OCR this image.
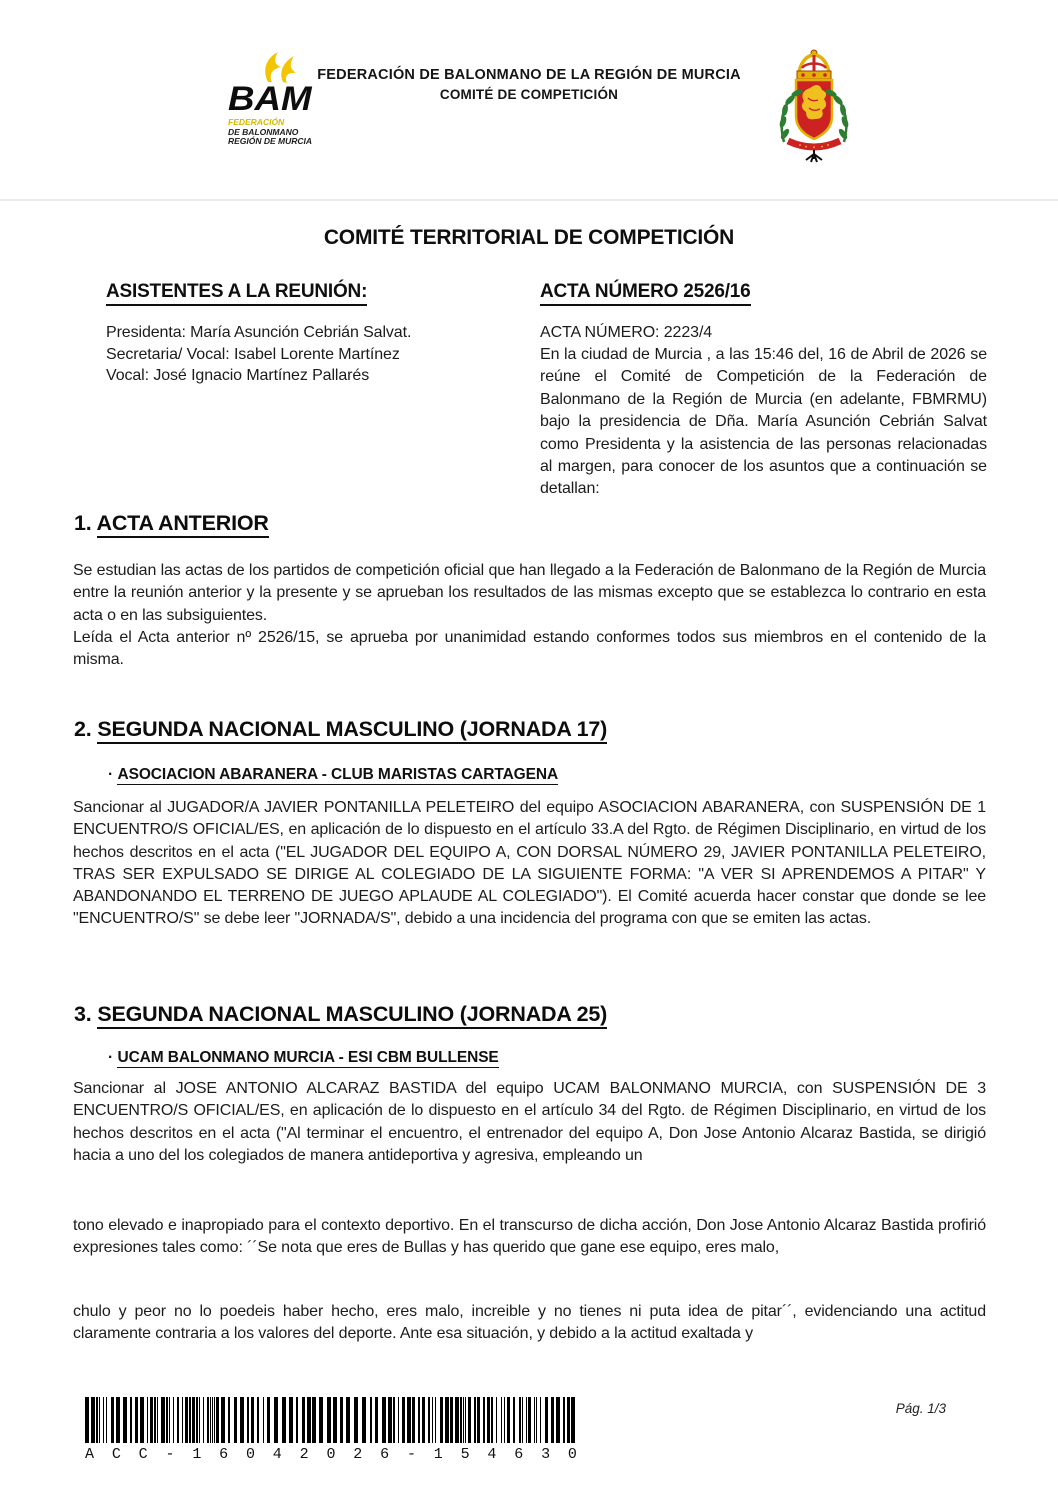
BAM
FEDERACIÓN
DE BALONMANO
REGIÓN DE MURCIA
FEDERACIÓN DE BALONMANO DE LA REGIÓN DE MURCIA
COMITÉ DE COMPETICIÓN
COMITÉ TERRITORIAL DE COMPETICIÓN
ASISTENTES A LA REUNIÓN:
Presidenta: María Asunción Cebrián Salvat.
Secretaria/ Vocal: Isabel Lorente Martínez
Vocal: José Ignacio Martínez Pallarés
ACTA NÚMERO 2526/16
ACTA NÚMERO: 2223/4
En la ciudad de Murcia , a las 15:46 del, 16 de Abril de 2026 se reúne el Comité de Competición de la Federación de Balonmano de la Región de Murcia (en adelante, FBMRMU) bajo la presidencia de Dña. María Asunción Cebrián Salvat como Presidenta y la asistencia de las personas relacionadas al margen, para conocer de los asuntos que a continuación se detallan:
1. ACTA ANTERIOR
Se estudian las actas de los partidos de competición oficial que han llegado a la Federación de Balonmano de la Región de Murcia entre la reunión anterior y la presente y se aprueban los resultados de las mismas excepto que se establezca lo contrario en esta acta o en las subsiguientes.
Leída el Acta anterior nº 2526/15, se aprueba por unanimidad estando conformes todos sus miembros en el contenido de la misma.
2. SEGUNDA NACIONAL MASCULINO (JORNADA 17)
· ASOCIACION ABARANERA - CLUB MARISTAS CARTAGENA
Sancionar al JUGADOR/A JAVIER PONTANILLA PELETEIRO del equipo ASOCIACION ABARANERA, con SUSPENSIÓN DE 1 ENCUENTRO/S OFICIAL/ES, en aplicación de lo dispuesto en el artículo 33.A del Rgto. de Régimen Disciplinario, en virtud de los hechos descritos en el acta ("EL JUGADOR DEL EQUIPO A, CON DORSAL NÚMERO 29, JAVIER PONTANILLA PELETEIRO, TRAS SER EXPULSADO SE DIRIGE AL COLEGIADO DE LA SIGUIENTE FORMA: "A VER SI APRENDEMOS A PITAR" Y ABANDONANDO EL TERRENO DE JUEGO APLAUDE AL COLEGIADO"). El Comité acuerda hacer constar que donde se lee "ENCUENTRO/S" se debe leer "JORNADA/S", debido a una incidencia del programa con que se emiten las actas.
3. SEGUNDA NACIONAL MASCULINO (JORNADA 25)
· UCAM BALONMANO MURCIA - ESI CBM BULLENSE
Sancionar al JOSE ANTONIO ALCARAZ BASTIDA del equipo UCAM BALONMANO MURCIA, con SUSPENSIÓN DE 3 ENCUENTRO/S OFICIAL/ES, en aplicación de lo dispuesto en el artículo 34 del Rgto. de Régimen Disciplinario, en virtud de los hechos descritos en el acta ("Al terminar el encuentro, el entrenador del equipo A, Don Jose Antonio Alcaraz Bastida, se dirigió hacia a uno del los colegiados de manera antideportiva y agresiva, empleando un
tono elevado e inapropiado para el contexto deportivo. En el transcurso de dicha acción, Don Jose Antonio Alcaraz Bastida profirió expresiones tales como: ´´Se nota que eres de Bullas y has querido que gane ese equipo, eres malo,
chulo y peor no lo poedeis haber hecho, eres malo, increible y no tienes ni puta idea de pitar´´, evidenciando una actitud claramente contraria a los valores del deporte. Ante esa situación, y debido a la actitud exaltada y
A C C - 1 6 0 4 2 0 2 6 - 1 5 4 6 3 0
Pág. 1/3
